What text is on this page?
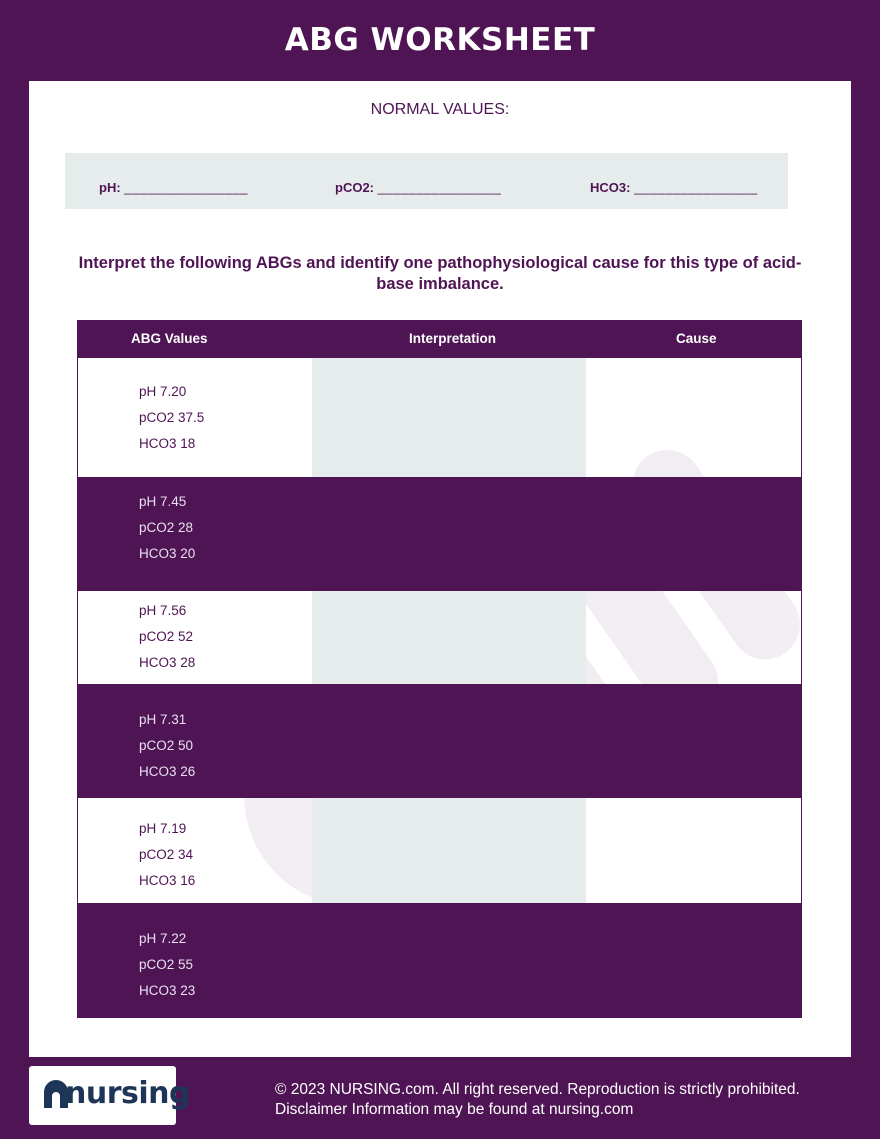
ABG WORKSHEET
NORMAL VALUES:
pH: ________________	pCO2: ________________	HCO3: ________________
Interpret the following ABGs and identify one pathophysiological cause for this type of acid-base imbalance.
ABG Values	Interpretation	Cause
pH 7.20
pCO2 37.5
HCO3 18
pH 7.45
pCO2 28
HCO3 20
pH 7.56
pCO2 52
HCO3 28
pH 7.31
pCO2 50
HCO3 26
pH 7.19
pCO2 34
HCO3 16
pH 7.22
pCO2 55
HCO3 23
nursing	© 2023 NURSING.com. All right reserved. Reproduction is strictly prohibited.
Disclaimer Information may be found at nursing.com
